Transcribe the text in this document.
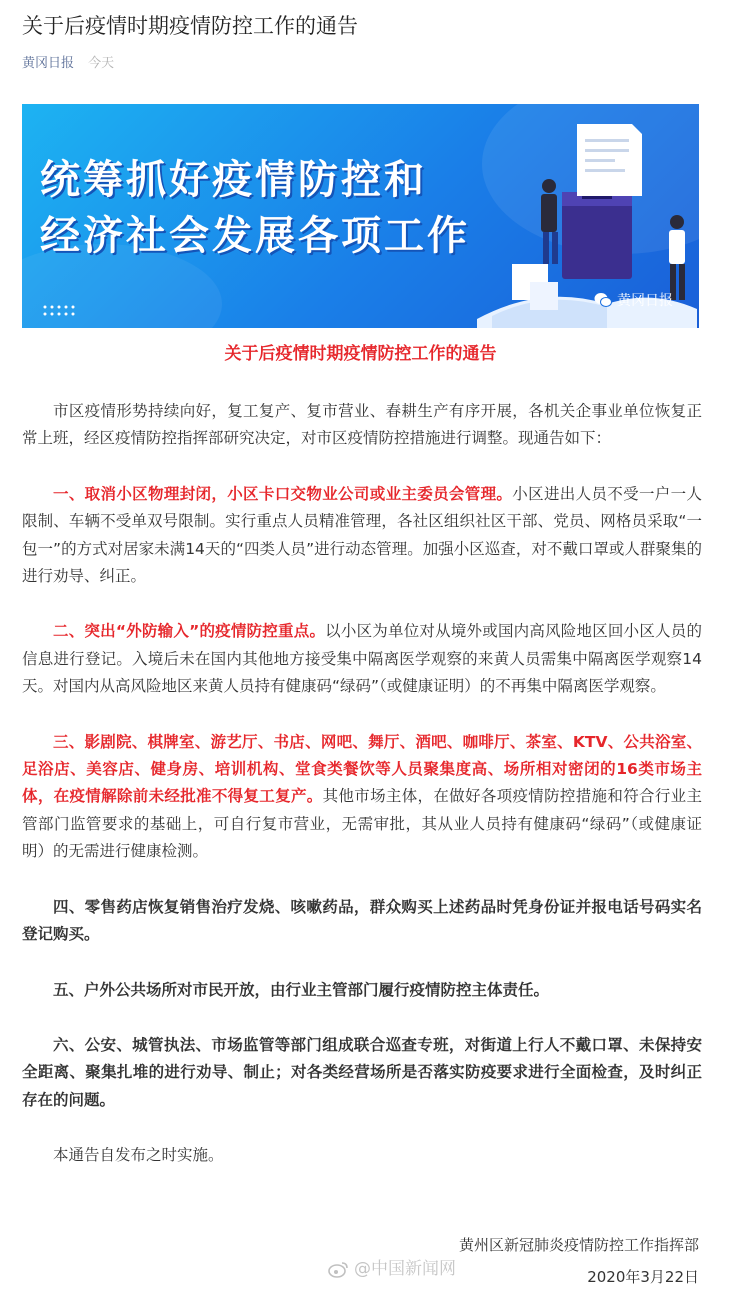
关于后疫情时期疫情防控工作的通告
黄冈日报 今天
统筹抓好疫情防控和
经济社会发展各项工作
黄冈日报
关于后疫情时期疫情防控工作的通告

市区疫情形势持续向好，复工复产、复市营业、春耕生产有序开展，各机关企事业单位恢复正常上班，经区疫情防控指挥部研究决定，对市区疫情防控措施进行调整。现通告如下：

一、取消小区物理封闭，小区卡口交物业公司或业主委员会管理。小区进出人员不受一户一人限制、车辆不受单双号限制。实行重点人员精准管理，各社区组织社区干部、党员、网格员采取“一包一”的方式对居家未满14天的“四类人员”进行动态管理。加强小区巡查，对不戴口罩或人群聚集的进行劝导、纠正。

二、突出“外防输入”的疫情防控重点。以小区为单位对从境外或国内高风险地区回小区人员的信息进行登记。入境后未在国内其他地方接受集中隔离医学观察的来黄人员需集中隔离医学观察14天。对国内从高风险地区来黄人员持有健康码“绿码”（或健康证明）的不再集中隔离医学观察。

三、影剧院、棋牌室、游艺厅、书店、网吧、舞厅、酒吧、咖啡厅、茶室、KTV、公共浴室、足浴店、美容店、健身房、培训机构、堂食类餐饮等人员聚集度高、场所相对密闭的16类市场主体，在疫情解除前未经批准不得复工复产。其他市场主体，在做好各项疫情防控措施和符合行业主管部门监管要求的基础上，可自行复市营业，无需审批，其从业人员持有健康码“绿码”（或健康证明）的无需进行健康检测。

四、零售药店恢复销售治疗发烧、咳嗽药品，群众购买上述药品时凭身份证并报电话号码实名登记购买。

五、户外公共场所对市民开放，由行业主管部门履行疫情防控主体责任。

六、公安、城管执法、市场监管等部门组成联合巡查专班，对街道上行人不戴口罩、未保持安全距离、聚集扎堆的进行劝导、制止；对各类经营场所是否落实防疫要求进行全面检查，及时纠正存在的问题。

本通告自发布之时实施。

黄州区新冠肺炎疫情防控工作指挥部
@中国新闻网	2020年3月22日
